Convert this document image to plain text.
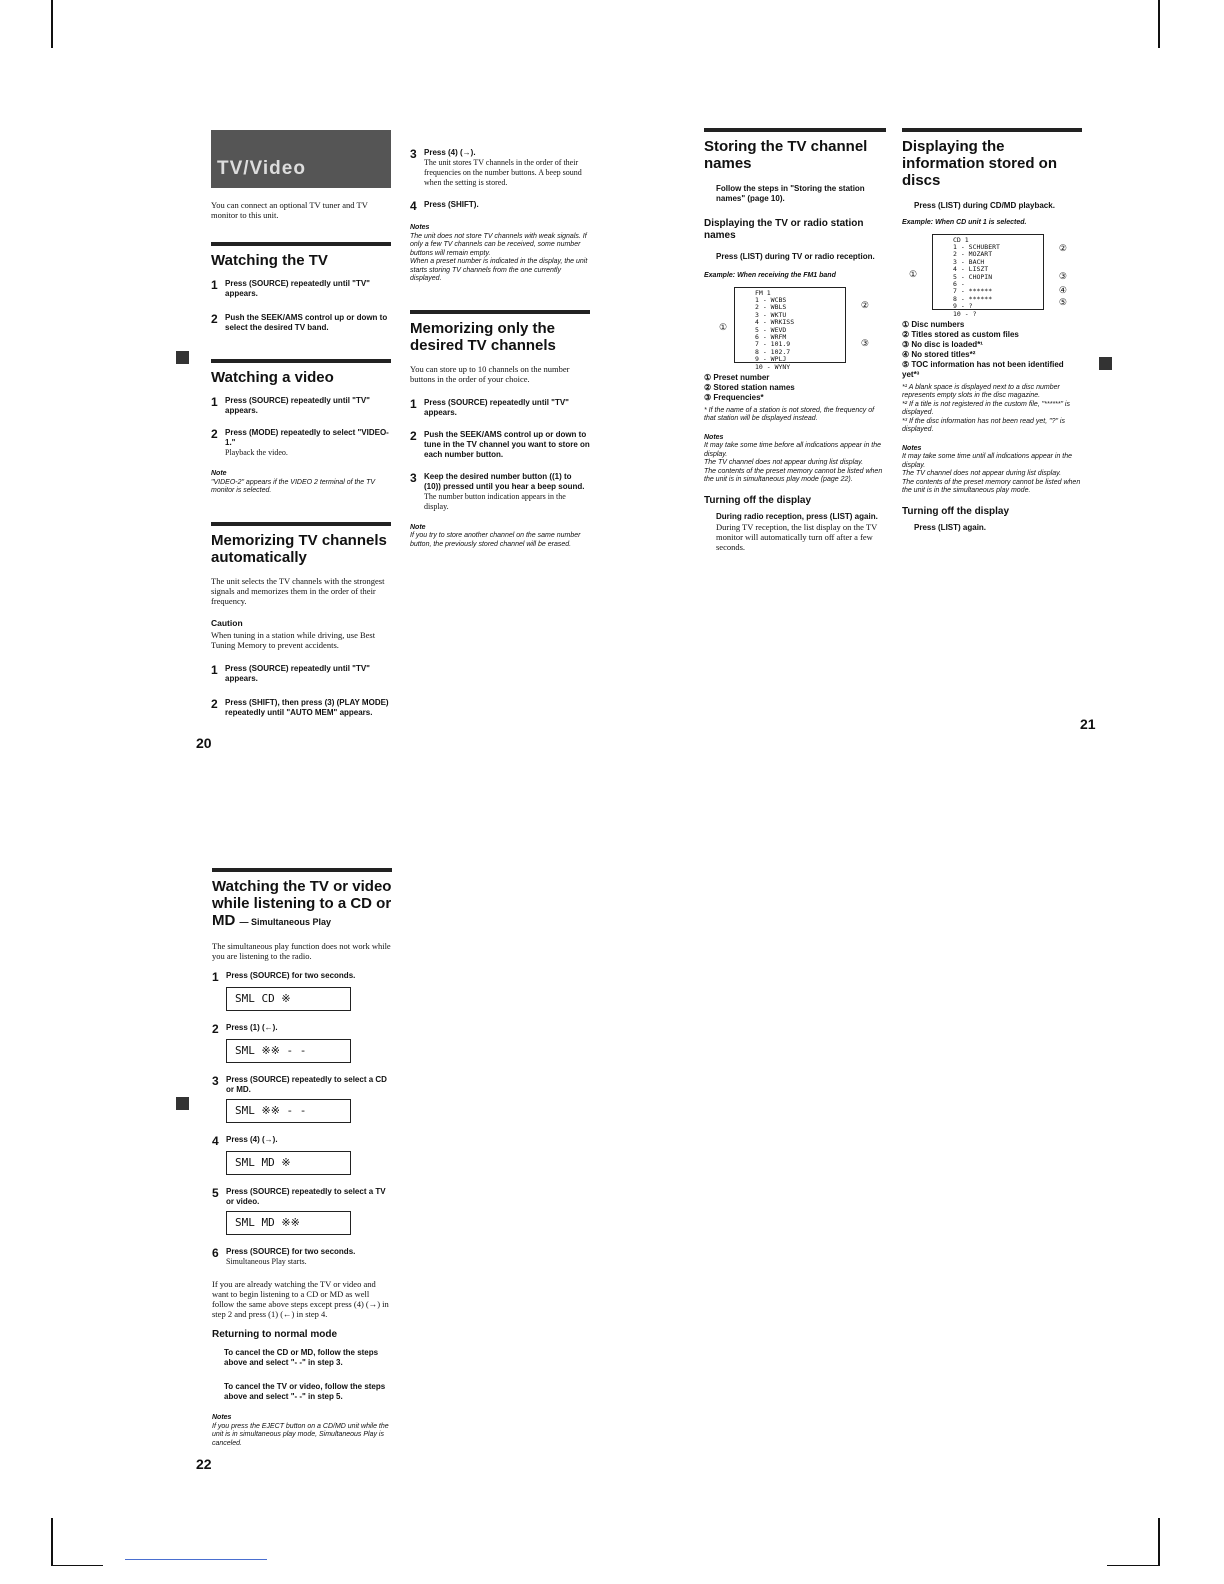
TV/Video

You can connect an optional TV tuner and TV monitor to this unit.

Watching the TV

1 Press (SOURCE) repeatedly until "TV" appears.
2 Push the SEEK/AMS control up or down to select the desired TV band.

Watching a video

1 Press (SOURCE) repeatedly until "TV" appears.
2 Press (MODE) repeatedly to select "VIDEO-1."
Playback the video.
Note
"VIDEO-2" appears if the VIDEO 2 terminal of the TV monitor is selected.

Memorizing TV channels automatically

The unit selects the TV channels with the strongest signals and memorizes them in the order of their frequency.

Caution

When tuning in a station while driving, use Best Tuning Memory to prevent accidents.

1 Press (SOURCE) repeatedly until "TV" appears.
2 Press (SHIFT), then press (3) (PLAY MODE) repeatedly until "AUTO MEM" appears.
3 Press (4) (→).
The unit stores TV channels in the order of their frequencies on the number buttons. A beep sound when the setting is stored.
4 Press (SHIFT).
Notes
The unit does not store TV channels with weak signals. If only a few TV channels can be received, some number buttons will remain empty.
When a preset number is indicated in the display, the unit starts storing TV channels from the one currently displayed.

Memorizing only the desired TV channels

You can store up to 10 channels on the number buttons in the order of your choice.

1 Press (SOURCE) repeatedly until "TV" appears.
2 Push the SEEK/AMS control up or down to tune in the TV channel you want to store on each number button.
3 Keep the desired number button ((1) to (10)) pressed until you hear a beep sound.
The number button indication appears in the display.
Note
If you try to store another channel on the same number button, the previously stored channel will be erased.
20

Storing the TV channel names

Follow the steps in "Storing the station names" (page 10).

Displaying the TV or radio station names

Press (LIST) during TV or radio reception.

Example: When receiving the FM1 band

FM 1
1 - WCBS
2 - WBLS
3 - WKTU
4 - WRKISS
5 - WEVD
6 - WRFM
7 - 101.9
8 - 102.7
9 - WPLJ
10 - WYNY
①
②
③
① Preset number
② Stored station names
③ Frequencies*

* If the name of a station is not stored, the frequency of that station will be displayed instead.

Notes
It may take some time before all indications appear in the display.
The TV channel does not appear during list display.
The contents of the preset memory cannot be listed when the unit is in simultaneous play mode (page 22).

Turning off the display

During radio reception, press (LIST) again.

During TV reception, the list display on the TV monitor will automatically turn off after a few seconds.

Displaying the information stored on discs

Press (LIST) during CD/MD playback.

Example: When CD unit 1 is selected.

CD 1
1 - SCHUBERT
2 - MOZART
3 - BACH
4 - LISZT
5 - CHOPIN
6 -
7 - ******
8 - ******
9 - ?
10 - ?
①
②
③
④
⑤
① Disc numbers
② Titles stored as custom files
③ No disc is loaded*¹
④ No stored titles*²
⑤ TOC information has not been identified yet*³
*¹ A blank space is displayed next to a disc number represents empty slots in the disc magazine.
*² If a title is not registered in the custom file, "******" is displayed.
*³ If the disc information has not been read yet, "?" is displayed.
Notes
It may take some time until all indications appear in the display.
The TV channel does not appear during list display.
The contents of the preset memory cannot be listed when the unit is in the simultaneous play mode.

Turning off the display

Press (LIST) again.

21

Watching the TV or video while listening to a CD or MD — Simultaneous Play

The simultaneous play function does not work while you are listening to the radio.

1 Press (SOURCE) for two seconds.
SML CD ※
2 Press (1) (←).
SML ※※ - -
3 Press (SOURCE) repeatedly to select a CD or MD.
SML ※※ - -
4 Press (4) (→).
SML MD ※
5 Press (SOURCE) repeatedly to select a TV or video.
SML MD ※※
6 Press (SOURCE) for two seconds.
Simultaneous Play starts.

If you are already watching the TV or video and want to begin listening to a CD or MD as well follow the same above steps except press (4) (→) in step 2 and press (1) (←) in step 4.

Returning to normal mode

To cancel the CD or MD, follow the steps above and select "- -" in step 3.

To cancel the TV or video, follow the steps above and select "- -" in step 5.

Notes
If you press the EJECT button on a CD/MD unit while the unit is in simultaneous play mode, Simultaneous Play is canceled.
22
